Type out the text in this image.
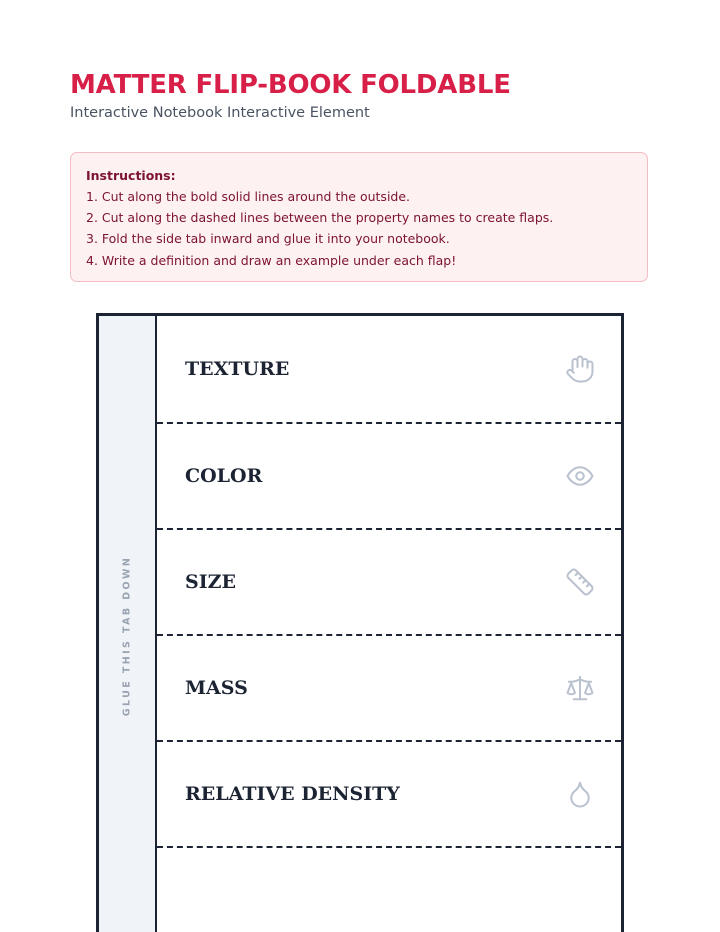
MATTER FLIP-BOOK FOLDABLE

Interactive Notebook Interactive Element

Instructions:
1. Cut along the bold solid lines around the outside.
2. Cut along the dashed lines between the property names to create flaps.
3. Fold the side tab inward and glue it into your notebook.
4. Write a definition and draw an example under each flap!
GLUE THIS TAB DOWN
TEXTURE
COLOR
SIZE
MASS
RELATIVE DENSITY
